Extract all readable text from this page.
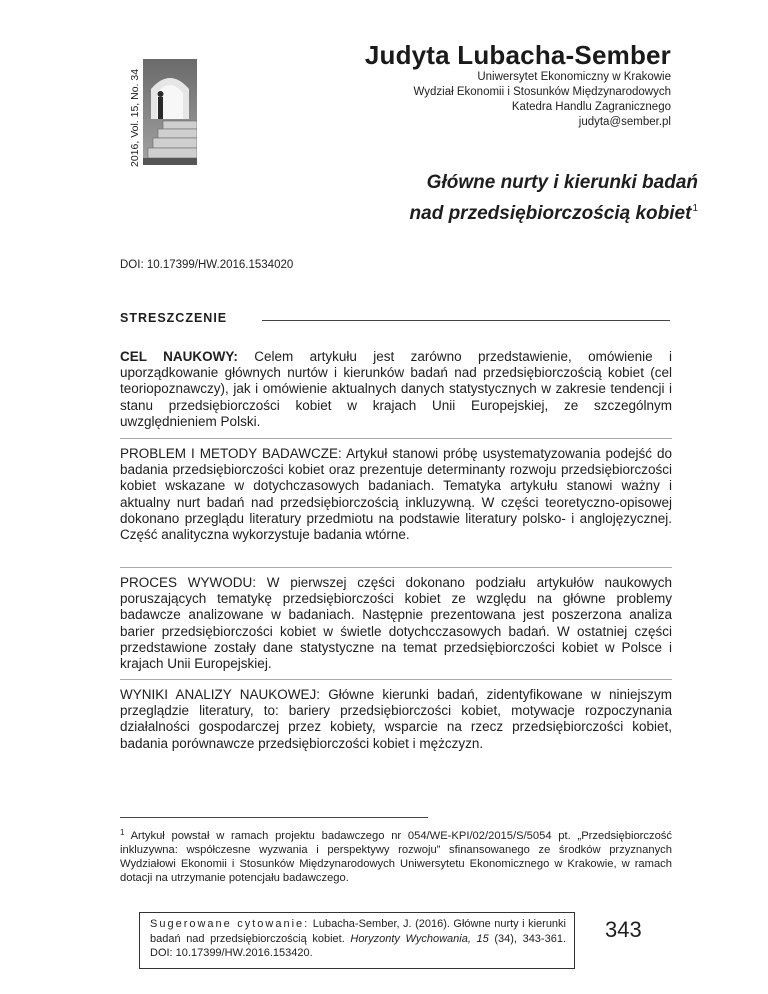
2016, Vol. 15, No. 34
Judyta Lubacha-Sember
Uniwersytet Ekonomiczny w Krakowie
Wydział Ekonomii i Stosunków Międzynarodowych
Katedra Handlu Zagranicznego
judyta@sember.pl
Główne nurty i kierunki badań
nad przedsiębiorczością kobiet$^1$
DOI: 10.17399/HW.2016.1534020
STRESZCZENIE
CEL NAUKOWY: Celem artykułu jest zarówno przedstawienie, omówienie i uporządkowanie głównych nurtów i kierunków badań nad przedsiębiorczością kobiet (cel teoriopoznawczy), jak i omówienie aktualnych danych statystycznych w zakresie tendencji i stanu przedsiębiorczości kobiet w krajach Unii Europejskiej, ze szczególnym uwzględnieniem Polski.
PROBLEM I METODY BADAWCZE: Artykuł stanowi próbę usystematyzowania podejść do badania przedsiębiorczości kobiet oraz prezentuje determinanty rozwoju przedsiębiorczości kobiet wskazane w dotychczasowych badaniach. Tematyka artykułu stanowi ważny i aktualny nurt badań nad przedsiębiorczością inkluzywną. W części teoretyczno-opisowej dokonano przeglądu literatury przedmiotu na podstawie literatury polsko- i anglojęzycznej. Część analityczna wykorzystuje badania wtórne.
PROCES WYWODU: W pierwszej części dokonano podziału artykułów naukowych poruszających tematykę przedsiębiorczości kobiet ze względu na główne problemy badawcze analizowane w badaniach. Następnie prezentowana jest poszerzona analiza barier przedsiębiorczości kobiet w świetle dotychcczasowych badań. W ostatniej części przedstawione zostały dane statystyczne na temat przedsiębiorczości kobiet w Polsce i krajach Unii Europejskiej.
WYNIKI ANALIZY NAUKOWEJ: Główne kierunki badań, zidentyfikowane w niniejszym przeglądzie literatury, to: bariery przedsiębiorczości kobiet, motywacje rozpoczynania działalności gospodarczej przez kobiety, wsparcie na rzecz przedsiębiorczości kobiet, badania porównawcze przedsiębiorczości kobiet i mężczyzn.
$^1$ Artykuł powstał w ramach projektu badawczego nr 054/WE-KPI/02/2015/S/5054 pt. „Przedsiębiorczość inkluzywna: współczesne wyzwania i perspektywy rozwoju” sfinansowanego ze środków przyznanych Wydziałowi Ekonomii i Stosunków Międzynarodowych Uniwersytetu Ekonomicznego w Krakowie, w ramach dotacji na utrzymanie potencjału badawczego.
Sugerowane cytowanie: Lubacha-Sember, J. (2016). Główne nurty i kierunki badań nad przedsiębiorczością kobiet. Horyzonty Wychowania, 15 (34), 343-361. DOI: 10.17399/HW.2016.153420.
343
